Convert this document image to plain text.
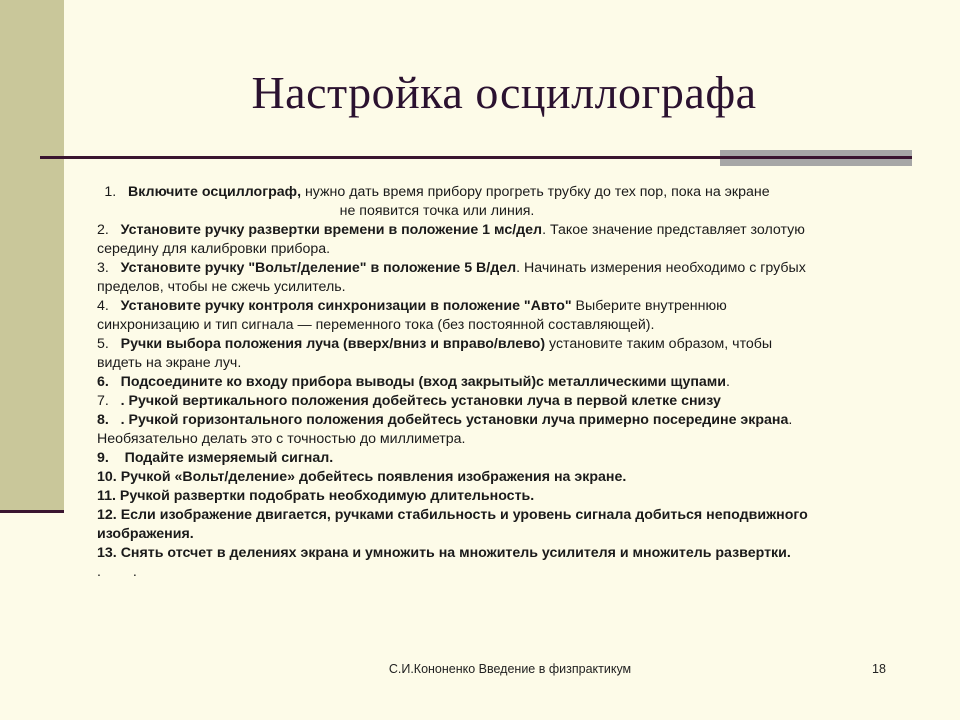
Настройка осциллографа

1. Включите осциллограф, нужно дать время прибору прогреть трубку до тех пор, пока на экране не появится точка или линия.

2. Установите ручку развертки времени в положение 1 мс/дел. Такое значение представляет золотую середину для калибровки прибора.

3. Установите ручку "Вольт/деление" в положение 5 В/дел. Начинать измерения необходимо с грубых пределов, чтобы не сжечь усилитель.

4. Установите ручку контроля синхронизации в положение "Авто" Выберите внутреннюю синхронизацию и тип сигнала — переменного тока (без постоянной составляющей).

5. Ручки выбора положения луча (вверх/вниз и вправо/влево) установите таким образом, чтобы видеть на экране луч.

6. Подсоедините ко входу прибора выводы (вход закрытый)с металлическими щупами.

7. . Ручкой вертикального положения добейтесь установки луча в первой клетке снизу

8. . Ручкой горизонтального положения добейтесь установки луча примерно посередине экрана. Необязательно делать это с точностью до миллиметра.

9. Подайте измеряемый сигнал.

10. Ручкой «Вольт/деление» добейтесь появления изображения на экране.

11. Ручкой развертки подобрать необходимую длительность.

12. Если изображение двигается, ручками стабильность и уровень сигнала добиться неподвижного изображения.

13. Снять отсчет в делениях экрана и умножить на множитель усилителя и множитель развертки.

. .

С.И.Кононенко Введение в физпрактикум	18
